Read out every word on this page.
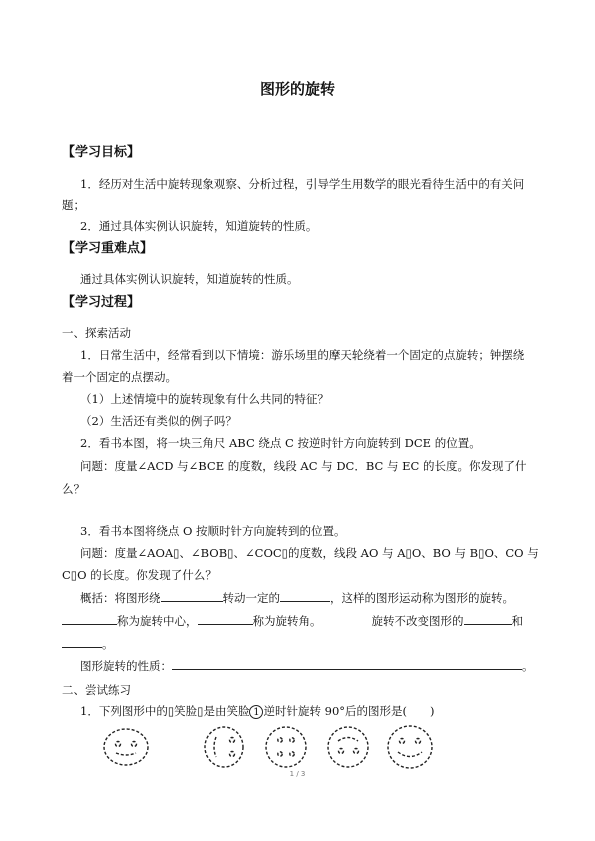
图形的旋转
【学习目标】
1．经历对生活中旋转现象观察、分析过程，引导学生用数学的眼光看待生活中的有关问
题；
2．通过具体实例认识旋转，知道旋转的性质。
【学习重难点】
通过具体实例认识旋转，知道旋转的性质。
【学习过程】
一、探索活动
1．日常生活中，经常看到以下情境：游乐场里的摩天轮绕着一个固定的点旋转；钟摆绕
着一个固定的点摆动。
（1）上述情境中的旋转现象有什么共同的特征？
（2）生活还有类似的例子吗？
2．看书本图，将一块三角尺 ABC 绕点 C 按逆时针方向旋转到 DCE 的位置。
问题：度量∠ACD 与∠BCE 的度数，线段 AC 与 DC．BC 与 EC 的长度。你发现了什
么？
3．看书本图将绕点 O 按顺时针方向旋转到的位置。
问题：度量∠AOA▯、∠BOB▯、∠COC▯的度数，线段 AO 与 A▯O、BO 与 B▯O、CO 与
C▯O 的长度。你发现了什么？
概括：将图形绕	转动一定的	，这样的图形运动称为图形的旋转。
称为旋转中心，	称为旋转角。	旋转不改变图形的	和
。
图形旋转的性质：	。
二、尝试练习
1．下列图形中的▯笑脸▯是由笑脸 1 逆时针旋转 90°后的图形是(　　)
1 / 3
